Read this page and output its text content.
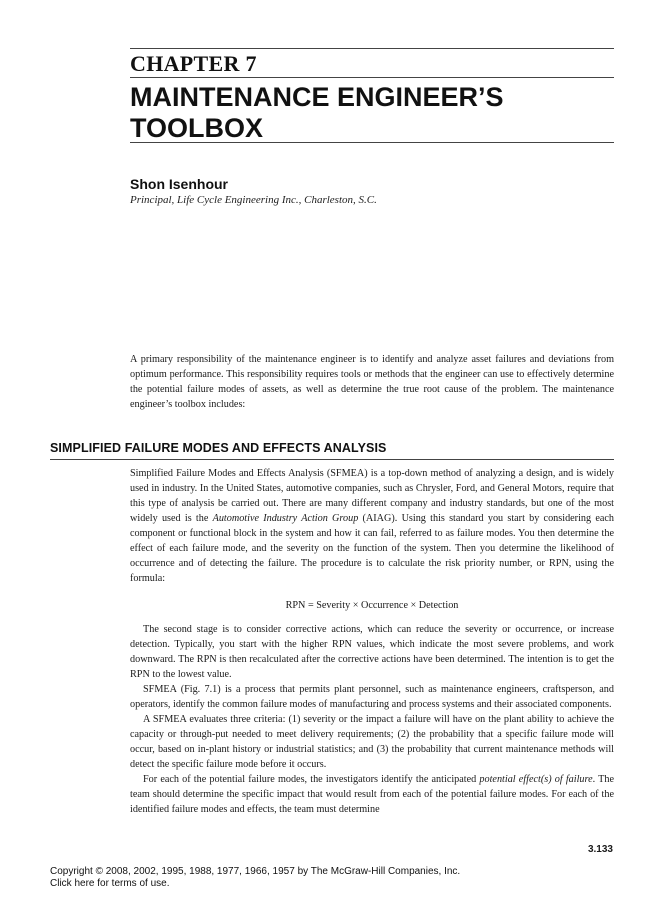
CHAPTER 7
MAINTENANCE ENGINEER’S TOOLBOX
Shon Isenhour
Principal, Life Cycle Engineering Inc., Charleston, S.C.

A primary responsibility of the maintenance engineer is to identify and analyze asset failures and deviations from optimum performance. This responsibility requires tools or methods that the engineer can use to effectively determine the potential failure modes of assets, as well as determine the true root cause of the problem. The maintenance engineer’s toolbox includes:

SIMPLIFIED FAILURE MODES AND EFFECTS ANALYSIS

Simplified Failure Modes and Effects Analysis (SFMEA) is a top-down method of analyzing a design, and is widely used in industry. In the United States, automotive companies, such as Chrysler, Ford, and General Motors, require that this type of analysis be carried out. There are many different company and industry standards, but one of the most widely used is the Automotive Industry Action Group (AIAG). Using this standard you start by considering each component or functional block in the system and how it can fail, referred to as failure modes. You then determine the effect of each failure mode, and the severity on the function of the system. Then you determine the likelihood of occurrence and of detecting the failure. The procedure is to calculate the risk priority number, or RPN, using the formula:

RPN = Severity × Occurrence × Detection

The second stage is to consider corrective actions, which can reduce the severity or occurrence, or increase detection. Typically, you start with the higher RPN values, which indicate the most severe problems, and work downward. The RPN is then recalculated after the corrective actions have been determined. The intention is to get the RPN to the lowest value.

SFMEA (Fig. 7.1) is a process that permits plant personnel, such as maintenance engineers, craftsperson, and operators, identify the common failure modes of manufacturing and process systems and their associated components.

A SFMEA evaluates three criteria: (1) severity or the impact a failure will have on the plant ability to achieve the capacity or through-put needed to meet delivery requirements; (2) the probability that a specific failure mode will occur, based on in-plant history or industrial statistics; and (3) the probability that current maintenance methods will detect the specific failure mode before it occurs.

For each of the potential failure modes, the investigators identify the anticipated potential effect(s) of failure. The team should determine the specific impact that would result from each of the potential failure modes. For each of the identified failure modes and effects, the team must determine

3.133
Copyright © 2008, 2002, 1995, 1988, 1977, 1966, 1957 by The McGraw-Hill Companies, Inc.
Click here for terms of use.
